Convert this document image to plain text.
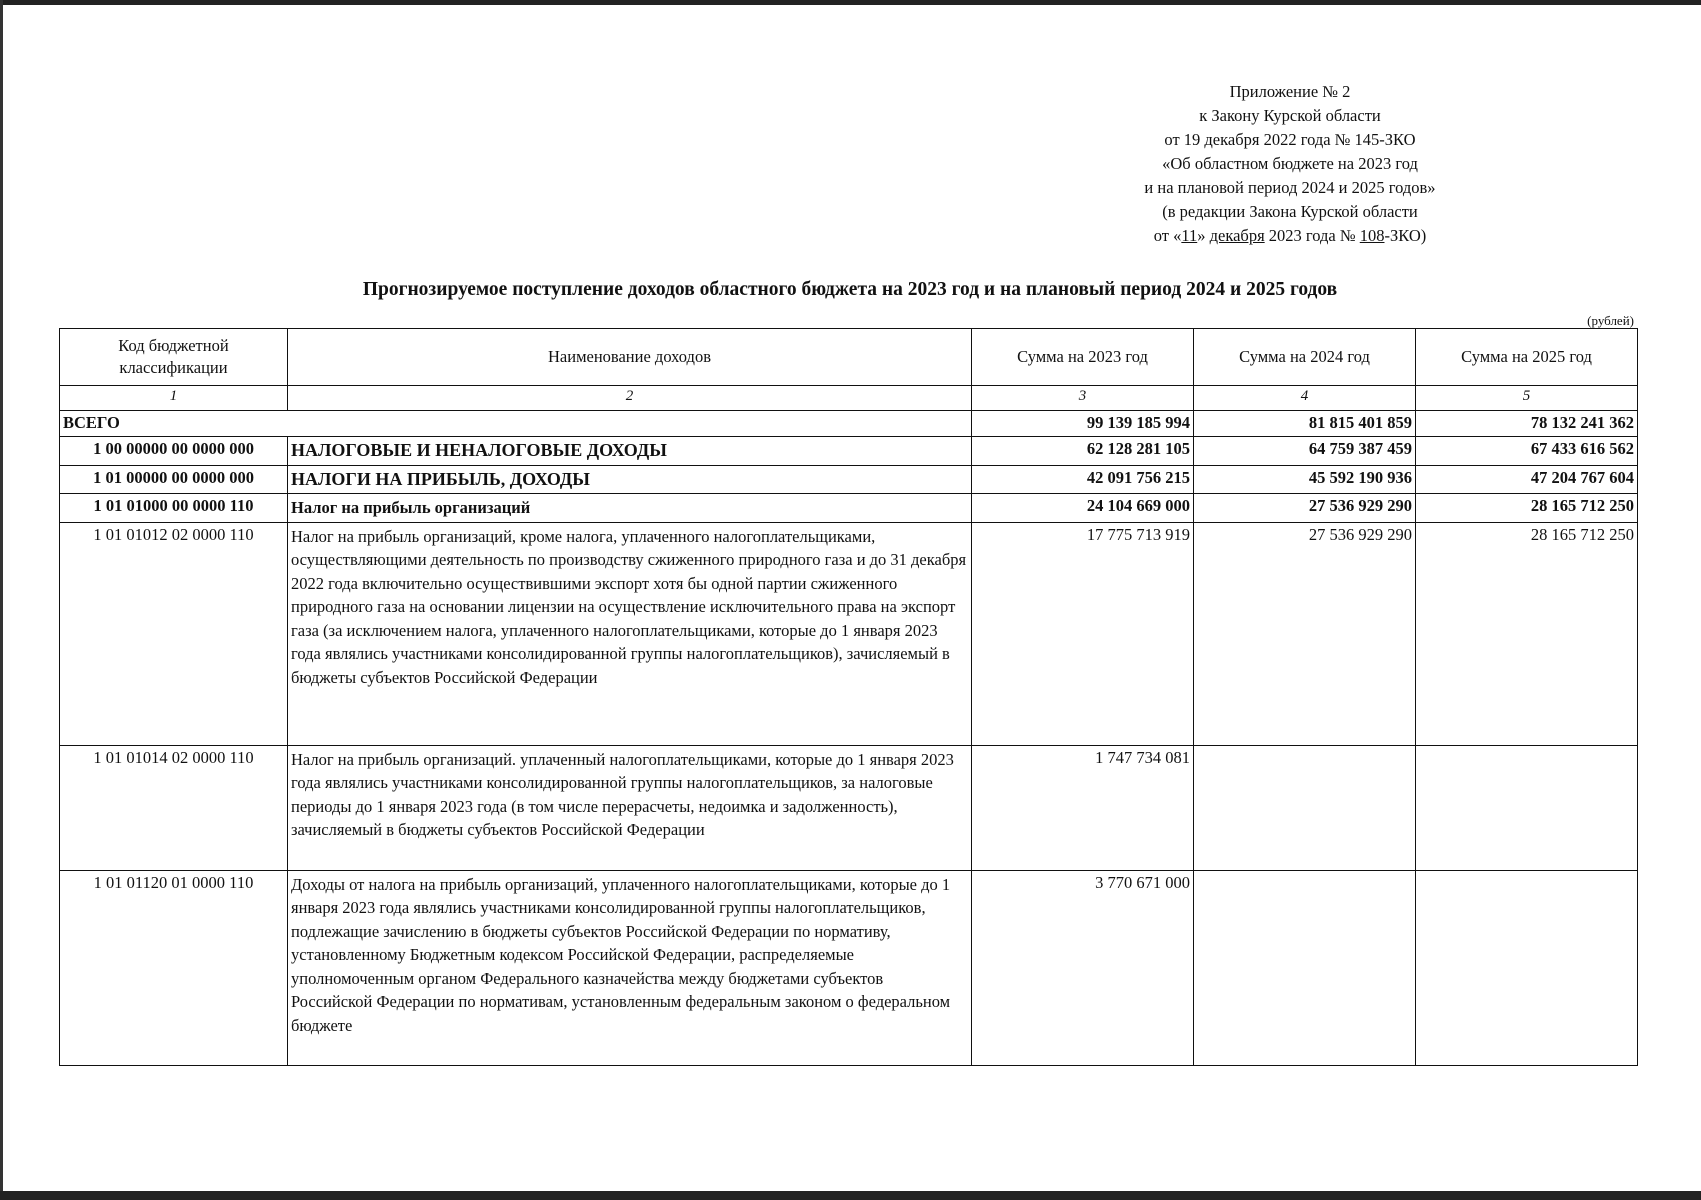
Приложение № 2
к Закону Курской области
от 19 декабря 2022 года № 145-ЗКО
«Об областном бюджете на 2023 год
и на плановой период 2024 и 2025 годов»
(в редакции Закона Курской области
от «11» декабря 2023 года № 108-ЗКО)
Прогнозируемое поступление доходов областного бюджета на 2023 год и на плановый период 2024 и 2025 годов
(рублей)
Код бюджетной классификации	Наименование доходов	Сумма на 2023 год	Сумма на 2024 год	Сумма на 2025 год
1	2	3	4	5
ВСЕГО		99 139 185 994	81 815 401 859	78 132 241 362
1 00 00000 00 0000 000	НАЛОГОВЫЕ И НЕНАЛОГОВЫЕ ДОХОДЫ	62 128 281 105	64 759 387 459	67 433 616 562
1 01 00000 00 0000 000	НАЛОГИ НА ПРИБЫЛЬ, ДОХОДЫ	42 091 756 215	45 592 190 936	47 204 767 604
1 01 01000 00 0000 110	Налог на прибыль организаций	24 104 669 000	27 536 929 290	28 165 712 250
1 01 01012 02 0000 110	Налог на прибыль организаций, кроме налога, уплаченного налогоплательщиками, осуществляющими деятельность по производству сжиженного природного газа и до 31 декабря 2022 года включительно осуществившими экспорт хотя бы одной партии сжиженного природного газа на основании лицензии на осуществление исключительного права на экспорт газа (за исключением налога, уплаченного налогоплательщиками, которые до 1 января 2023 года являлись участниками консолидированной группы налогоплательщиков), зачисляемый в бюджеты субъектов Российской Федерации	17 775 713 919	27 536 929 290	28 165 712 250
1 01 01014 02 0000 110	Налог на прибыль организаций. уплаченный налогоплательщиками, которые до 1 января 2023 года являлись участниками консолидированной группы налогоплательщиков, за налоговые периоды до 1 января 2023 года (в том числе перерасчеты, недоимка и задолженность), зачисляемый в бюджеты субъектов Российской Федерации	1 747 734 081		
1 01 01120 01 0000 110	Доходы от налога на прибыль организаций, уплаченного налогоплательщиками, которые до 1 января 2023 года являлись участниками консолидированной группы налогоплательщиков, подлежащие зачислению в бюджеты субъектов Российской Федерации по нормативу, установленному Бюджетным кодексом Российской Федерации, распределяемые уполномоченным органом Федерального казначейства между бюджетами субъектов Российской Федерации по нормативам, установленным федеральным законом о федеральном бюджете	3 770 671 000		
